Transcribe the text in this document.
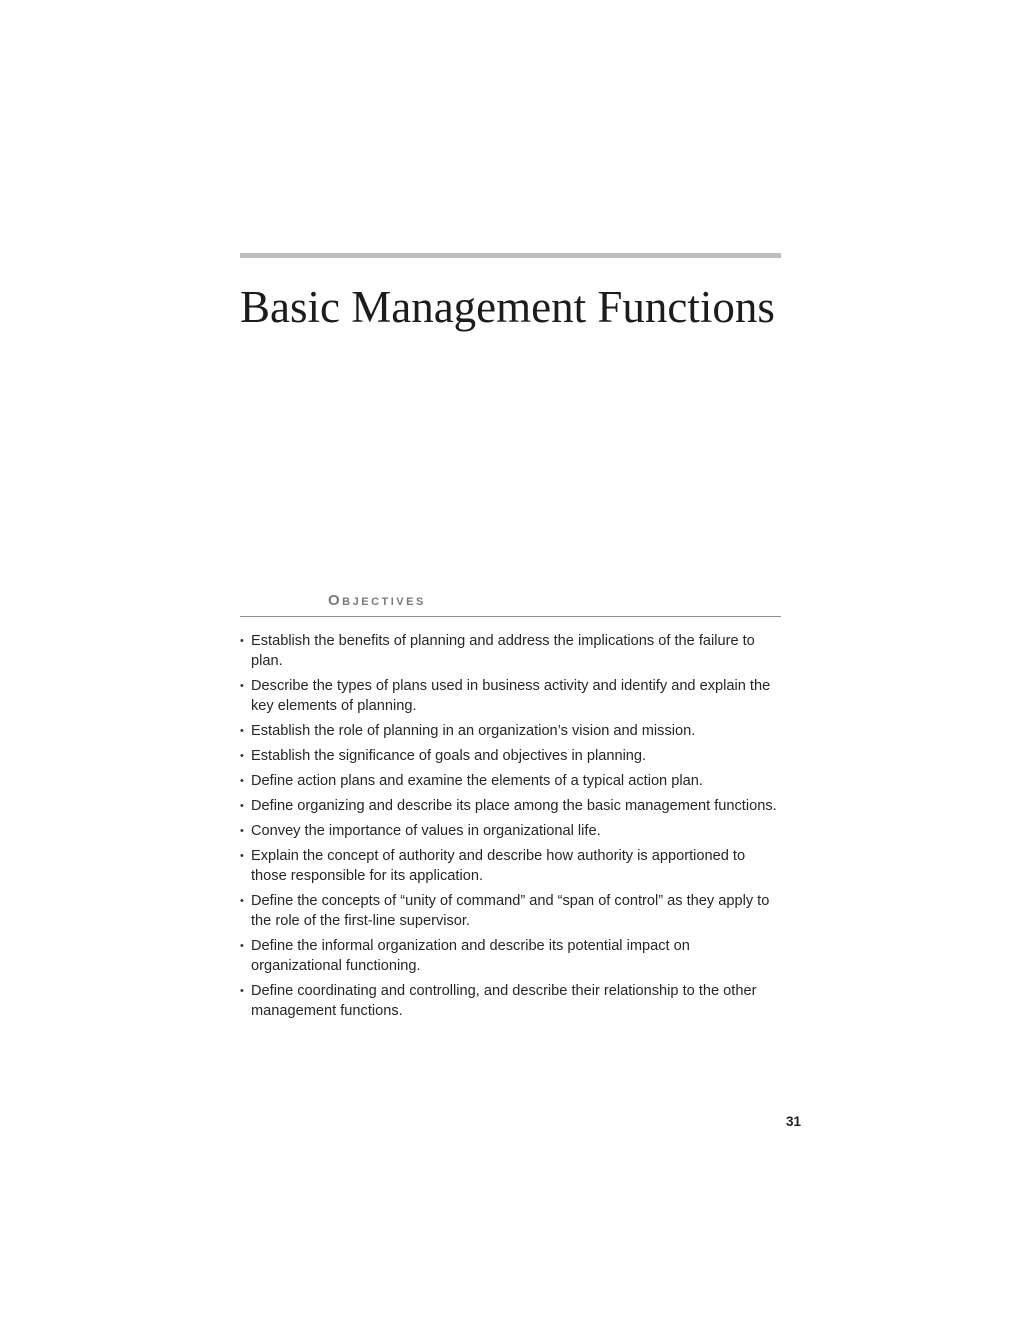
Basic Management Functions
Objectives
• Establish the benefits of planning and address the implications of the failure to plan.
• Describe the types of plans used in business activity and identify and explain the key elements of planning.
• Establish the role of planning in an organization’s vision and mission.
• Establish the significance of goals and objectives in planning.
• Define action plans and examine the elements of a typical action plan.
• Define organizing and describe its place among the basic management functions.
• Convey the importance of values in organizational life.
• Explain the concept of authority and describe how authority is apportioned to those responsible for its application.
• Define the concepts of “unity of command” and “span of control” as they apply to the role of the first-line supervisor.
• Define the informal organization and describe its potential impact on organizational functioning.
• Define coordinating and controlling, and describe their relationship to the other management functions.

31
